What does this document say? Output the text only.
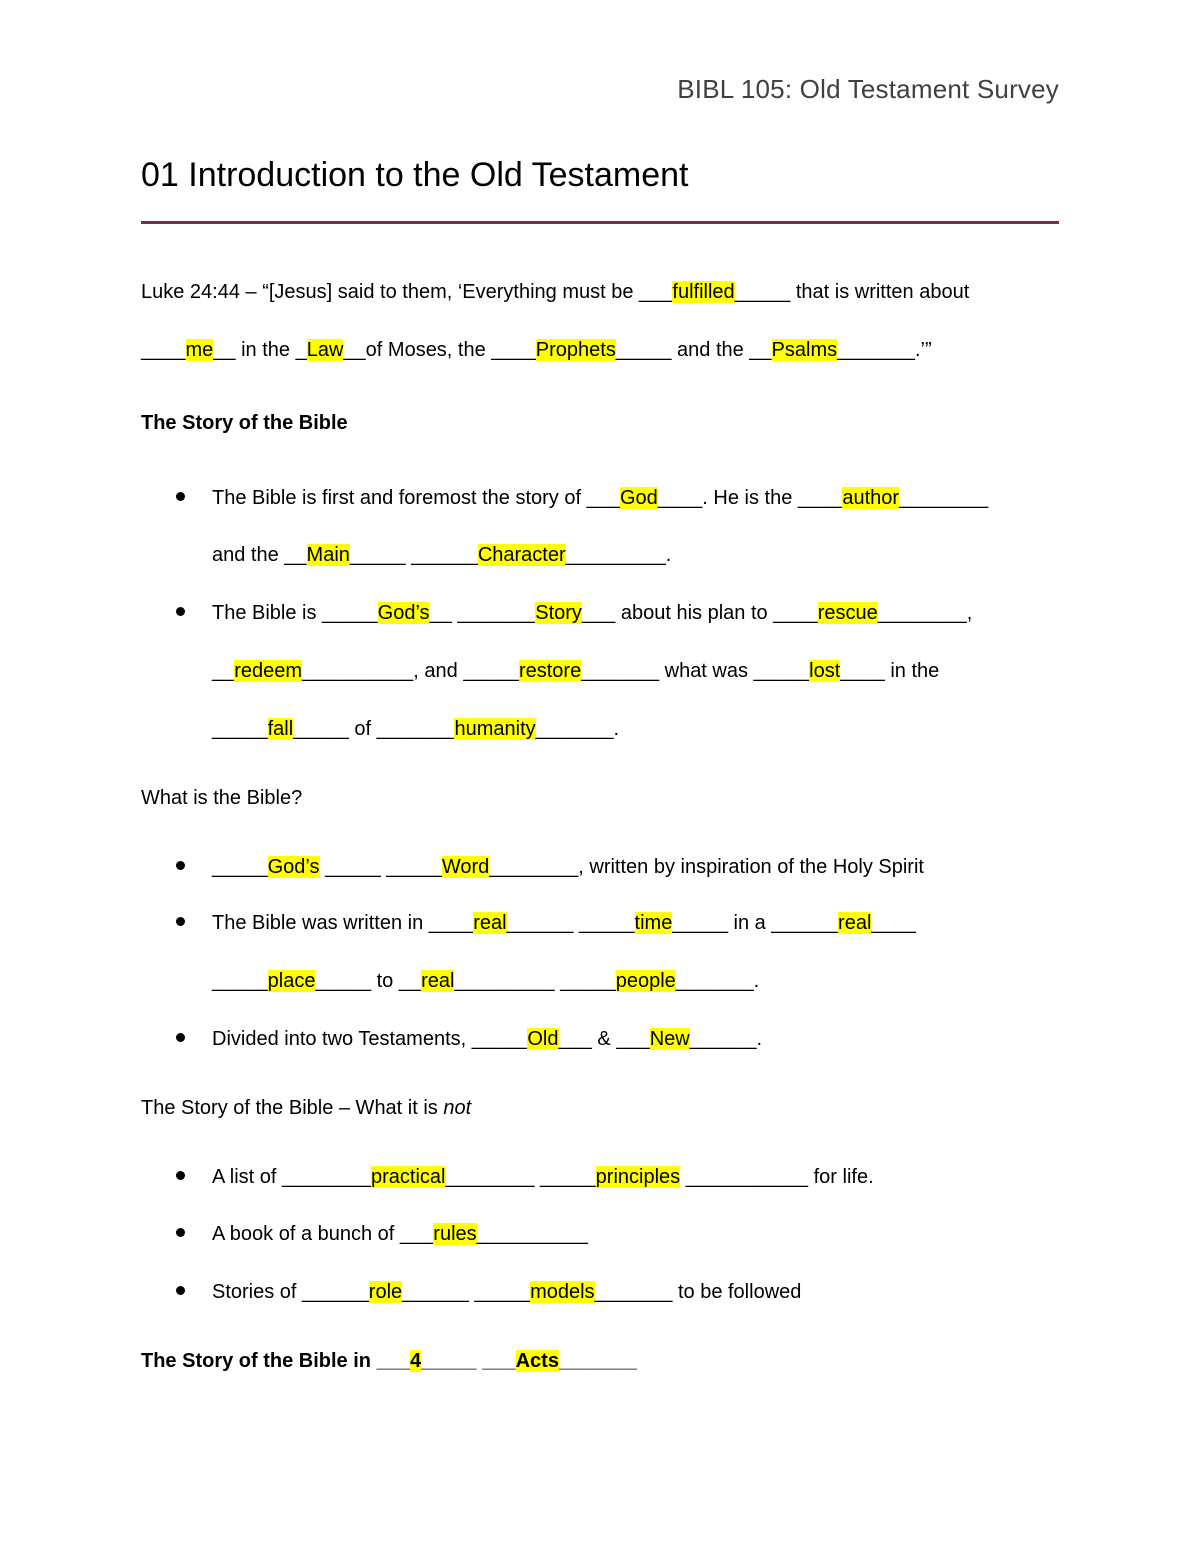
BIBL 105: Old Testament Survey
01 Introduction to the Old Testament
Luke 24:44 – “[Jesus] said to them, ‘Everything must be ___fulfilled_____ that is written about
____me__ in the _Law__of Moses, the ____Prophets_____ and the __Psalms_______.’”
The Story of the Bible
The Bible is first and foremost the story of ___God____. He is the ____author________
and the __Main_____ ______Character_________.
The Bible is _____God’s__ _______Story___ about his plan to ____rescue________,
__redeem__________, and _____restore_______ what was _____lost____ in the
_____fall_____ of _______humanity_______.
What is the Bible?
_____God’s _____ _____Word________, written by inspiration of the Holy Spirit
The Bible was written in ____real______ _____time_____ in a ______real____
_____place_____ to __real_________ _____people_______.
Divided into two Testaments, _____Old___ & ___New______.
The Story of the Bible – What it is not
A list of ________practical________ _____principles ___________ for life.
A book of a bunch of ___rules__________
Stories of ______role______ _____models_______ to be followed
The Story of the Bible in ___4_____ ___Acts_______
